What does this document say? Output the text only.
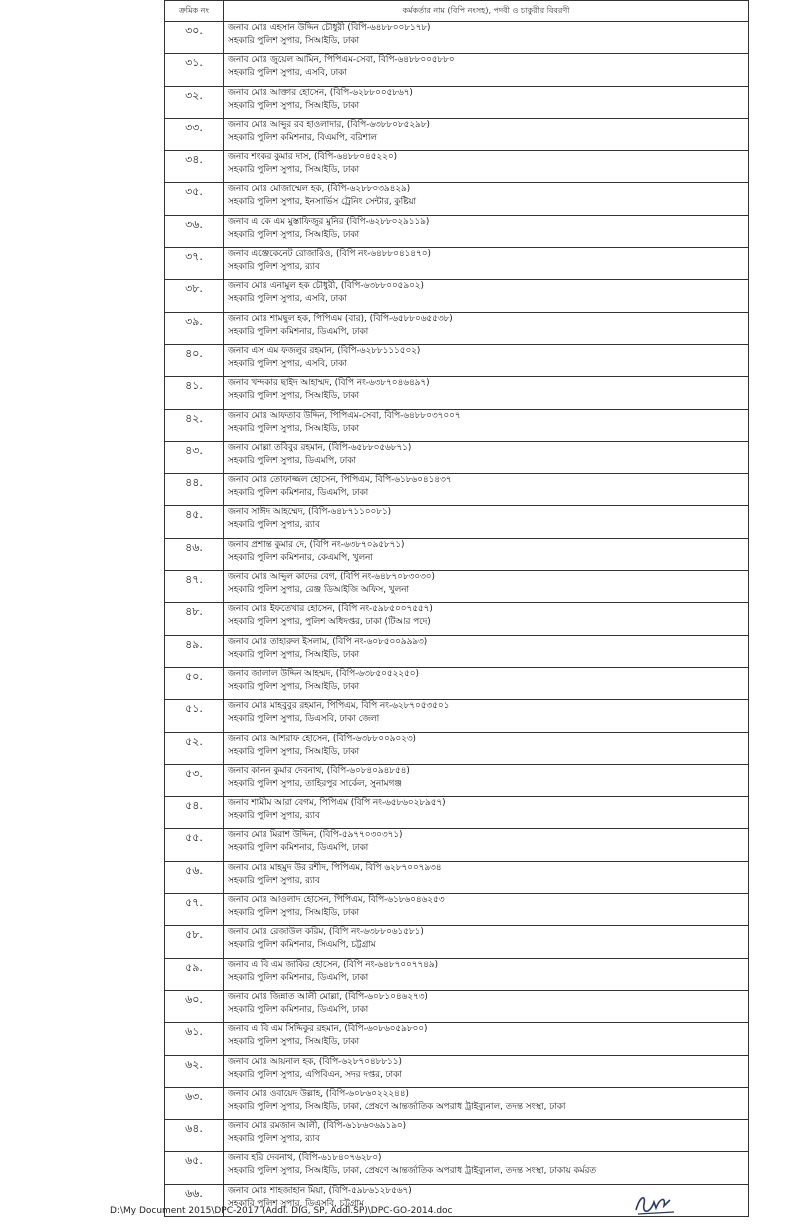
ক্রমিক নং	কর্মকর্তার নাম (বিপি নংসহ), পদবী ও চাকুরীর বিবরণী
৩০.	জনাব মোঃ এহসান উদ্দিন চৌধুরী (বিপি-৬৪৮৮০০৮১৭৮)
সহকারি পুলিশ সুপার, সিআইডি, ঢাকা

৩১.	জনাব মোঃ জুয়েল আমিন, পিপিএম-সেবা, বিপি-৬৪৮৮০০৫৮৮০
সহকারি পুলিশ সুপার, এসবি, ঢাকা

৩২.	জনাব মোঃ আক্তার হোসেন, (বিপি-৬২৮৮০০৫৮৬৭)
সহকারি পুলিশ সুপার, সিআইডি, ঢাকা

৩৩.	জনাব মোঃ আব্দুর রব হাওলাদার, (বিপি-৬৩৮৮০৮৫২৯৮)
সহকারি পুলিশ কমিশনার, বিএমপি, বরিশাল

৩৪.	জনাব শংকর কুমার দাস, (বিপি-৬৪৮৮০৪৫২২০)
সহকারি পুলিশ সুপার, সিআইডি, ঢাকা

৩৫.	জনাব মোঃ মোজাম্মেল হক, (বিপি-৬২৮৮০৩৯৪২৯)
সহকারি পুলিশ সুপার, ইনসার্ভিস ট্রেনিং সেন্টার, কুষ্টিয়া

৩৬.	জনাব এ কে এম মুস্তাফিজুর মুনির (বিপি-৬২৮৮০২৯১১৯)
সহকারি পুলিশ সুপার, সিআইডি, ঢাকা

৩৭.	জনাব এঞ্জেকেনেট রোজারিও, (বিপি নং-৬৪৮৮০৪১৪৭০)
সহকারি পুলিশ সুপার, র‍্যাব

৩৮.	জনাব মোঃ এনামুল হক চৌধুরী, (বিপি-৬৩৮৮০০৫৯০২)
সহকারি পুলিশ সুপার, এসবি, ঢাকা

৩৯.	জনাব মোঃ শামছুল হক, পিপিএম (বার), (বিপি-৬৫৮৮০৬৫৫৩৮)
সহকারি পুলিশ কমিশনার, ডিএমপি, ঢাকা

৪০.	জনাব এস এম ফজলুর রহমান, (বিপি-৬২৮৮১১১৫০২)
সহকারি পুলিশ সুপার, এসবি, ঢাকা

৪১.	জনাব খন্দকার ছাইদ আহাম্মদ, (বিপি নং-৬৩৮৭০৪৬৪৯৭)
সহকারি পুলিশ সুপার, সিআইডি, ঢাকা

৪২.	জনাব মোঃ আফতাব উদ্দিন, পিপিএম-সেবা, বিপি-৬৪৮৮০৩৭০০৭
সহকারি পুলিশ সুপার, সিআইডি, ঢাকা

৪৩.	জনাব মোল্লা তবিবুর রহমান, (বিপি-৬৫৮৮০৫৬৮৭১)
সহকারি পুলিশ সুপার, ডিএমপি, ঢাকা

৪৪.	জনাব মোঃ তোফাজ্জল হোসেন, পিপিএম, বিপি-৬১৮৬০৪১৪৩৭
সহকারি পুলিশ কমিশনার, ডিএমপি, ঢাকা

৪৫.	জনাব সাঈদ আহম্মেদ, (বিপি-৬৪৮৭১১০০৮১)
সহকারি পুলিশ সুপার, র‍্যাব

৪৬.	জনাব প্রশান্ত কুমার দে, (বিপি নং-৬৩৮৭০৯৫৮৭১)
সহকারি পুলিশ কমিশনার, কেএমপি, খুলনা

৪৭.	জনাব মোঃ আব্দুল কাদের বেগ, (বিপি নং-৬৪৮৭০৮৩০৩০)
সহকারি পুলিশ সুপার, রেঞ্জ ডিআইজি অফিস, খুলনা

৪৮.	জনাব মোঃ ইফতেখার হোসেন, (বিপি নং-৫৯৮৫০০৭৫৫৭)
সহকারি পুলিশ সুপার, পুলিশ অধিদপ্তর, ঢাকা (টিআর পদে)

৪৯.	জনাব মোঃ তাহারুল ইসলাম, (বিপি নং-৬০৮৫০০৯৯৯৩)
সহকারি পুলিশ সুপার, সিআইডি, ঢাকা

৫০.	জনাব জালাল উদ্দিন আহম্মদ, (বিপি-৬৩৮৫০৫২২৫০)
সহকারি পুলিশ সুপার, সিআইডি, ঢাকা

৫১.	জনাব মোঃ মাহবুবুর রহমান, পিপিএম, বিপি নং-৬২৮৭০৫৩৫০১
সহকারি পুলিশ সুপার, ডিএসবি, ঢাকা জেলা

৫২.	জনাব মোঃ আশরাফ হোসেন, (বিপি-৬৩৮৮০০৯০২৩)
সহকারি পুলিশ সুপার, সিআইডি, ঢাকা

৫৩.	জনাব কানন কুমার দেবনাথ, (বিপি-৬০৮৪০৯৪৮৫৪)
সহকারি পুলিশ সুপার, তাহিরপুর সার্কেল, সুনামগঞ্জ

৫৪.	জনাব শামীম আরা বেগম, পিপিএম (বিপি নং-৬৫৮৬০২৮৯৫৭)
সহকারি পুলিশ সুপার, র‍্যাব

৫৫.	জনাব মোঃ মিরাশ উদ্দিন, (বিপি-৫৯৭৭০৩০৩৭১)
সহকারি পুলিশ কমিশনার, ডিএমপি, ঢাকা

৫৬.	জনাব মোঃ মাহমুদ উর রশীদ, পিপিএম, বিপি ৬২৮৭০০৭৯৩৪
সহকারি পুলিশ সুপার, র‍্যাব

৫৭.	জনাব মোঃ আওলাদ হোসেন, পিপিএম, বিপি-৬১৮৬০৪৬২৫৩
সহকারি পুলিশ সুপার, সিআইডি, ঢাকা

৫৮.	জনাব মোঃ রেজাউল করিম, (বিপি নং-৬৩৮৮০৬১৫৮১)
সহকারি পুলিশ কমিশনার, সিএমপি, চট্টগ্রাম

৫৯.	জনাব এ বি এম জাকির হোসেন, (বিপি নং-৬৪৮৭০০৭৭৪৯)
সহকারি পুলিশ কমিশনার, ডিএমপি, ঢাকা

৬০.	জনাব মোঃ জিন্নাত আলী মোল্লা, (বিপি-৬০৮১০৪৬২৭৩)
সহকারি পুলিশ কমিশনার, ডিএমপি, ঢাকা

৬১.	জনাব এ বি এম সিদ্দিকুর রহমান, (বিপি-৬০৮৬০৫৯৮০০)
সহকারি পুলিশ সুপার, সিআইডি, ঢাকা

৬২.	জনাব মোঃ আয়নাল হক, (বিপি-৬২৮৭০৪৮৮১১)
সহকারি পুলিশ সুপার, এপিবিএন, সদর দপ্তর, ঢাকা

৬৩.	জনাব মোঃ ওবায়েদ উল্লাহ, (বিপি-৬০৮৬০২২২৪৪)
সহকারি পুলিশ সুপার, সিআইডি, ঢাকা, প্রেষণে আন্তর্জাতিক অপরাধ ট্রাইব্যুনাল, তদন্ত সংস্থা, ঢাকা

৬৪.	জনাব মোঃ রমজান আলী, (বিপি-৬১৮৬০৬৯১৯০)
সহকারি পুলিশ সুপার, র‍্যাব

৬৫.	জনাব হরি দেবনাথ, (বিপি-৬১৮৪০৭৬২৮০)
সহকারি পুলিশ সুপার, সিআইডি, ঢাকা, প্রেষণে আন্তর্জাতিক অপরাধ ট্রাইব্যুনাল, তদন্ত সংস্থা, ঢাকায় কর্মরত

৬৬.	জনাব মোঃ শাহজাহান মিয়া, (বিপি-৫৯৮৬১২৮৫৬৭)
সহকারি পুলিশ সুপার, ডিএসবি, চট্টগ্রাম
D:\My Document 2015\DPC-2017 (Addl. DIG, SP, Addl.SP)\DPC-GO-2014.doc
